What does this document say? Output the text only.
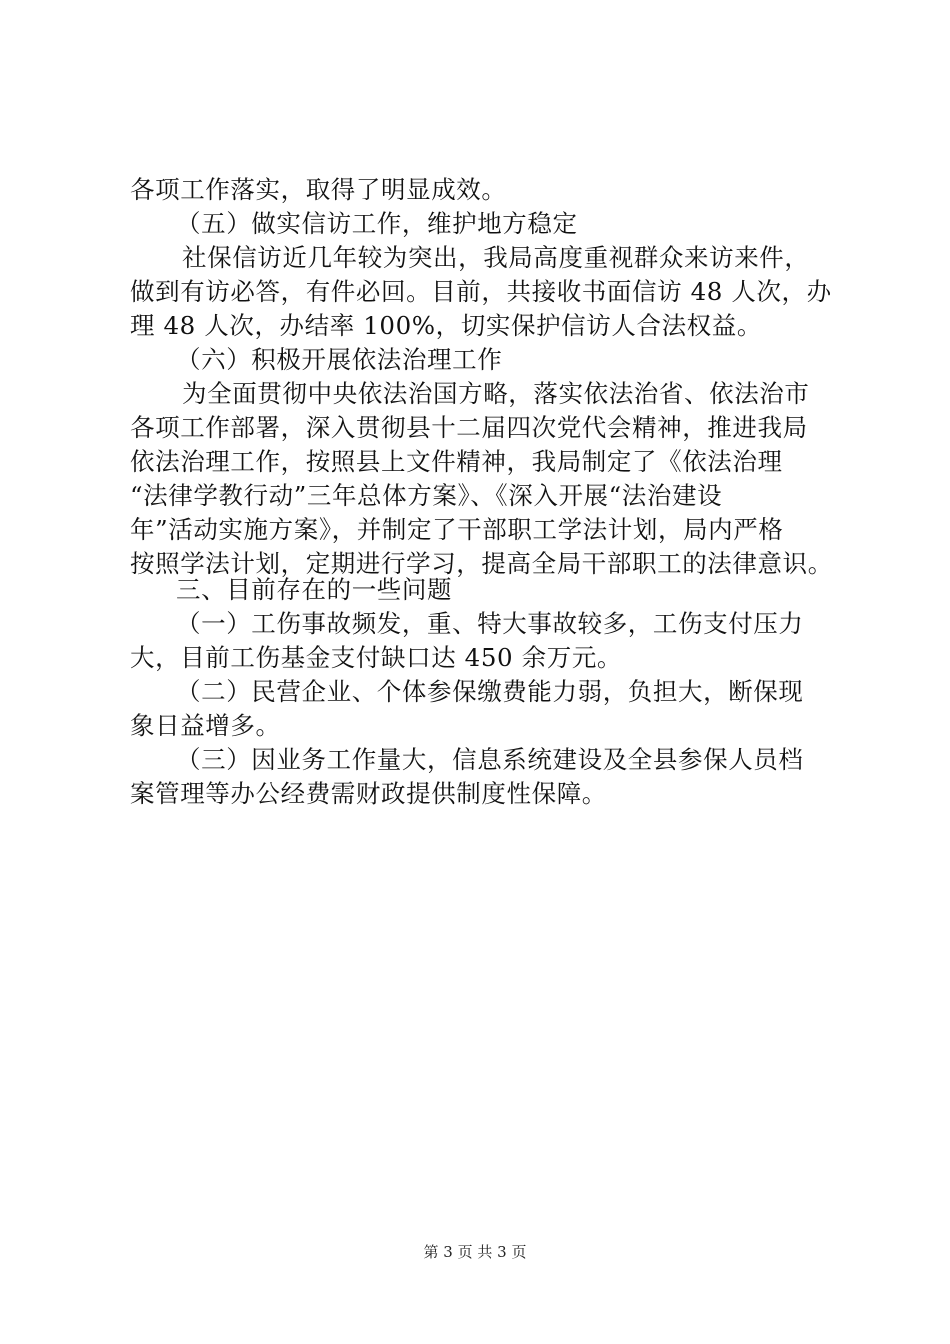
各项工作落实，取得了明显成效。
（五）做实信访工作，维护地方稳定
社保信访近几年较为突出，我局高度重视群众来访来件，
做到有访必答，有件必回。目前，共接收书面信访 48 人次，办
理 48 人次，办结率 100%，切实保护信访人合法权益。
（六）积极开展依法治理工作
为全面贯彻中央依法治国方略，落实依法治省、依法治市
各项工作部署，深入贯彻县十二届四次党代会精神，推进我局
依法治理工作，按照县上文件精神，我局制定了《依法治理
“法律学教行动”三年总体方案》、《深入开展“法治建设
年”活动实施方案》，并制定了干部职工学法计划，局内严格
按照学法计划，定期进行学习，提高全局干部职工的法律意识。
三、目前存在的一些问题
（一）工伤事故频发，重、特大事故较多，工伤支付压力
大，目前工伤基金支付缺口达 450 余万元。
（二）民营企业、个体参保缴费能力弱，负担大，断保现
象日益增多。
（三）因业务工作量大，信息系统建设及全县参保人员档
案管理等办公经费需财政提供制度性保障。
第 3 页 共 3 页
